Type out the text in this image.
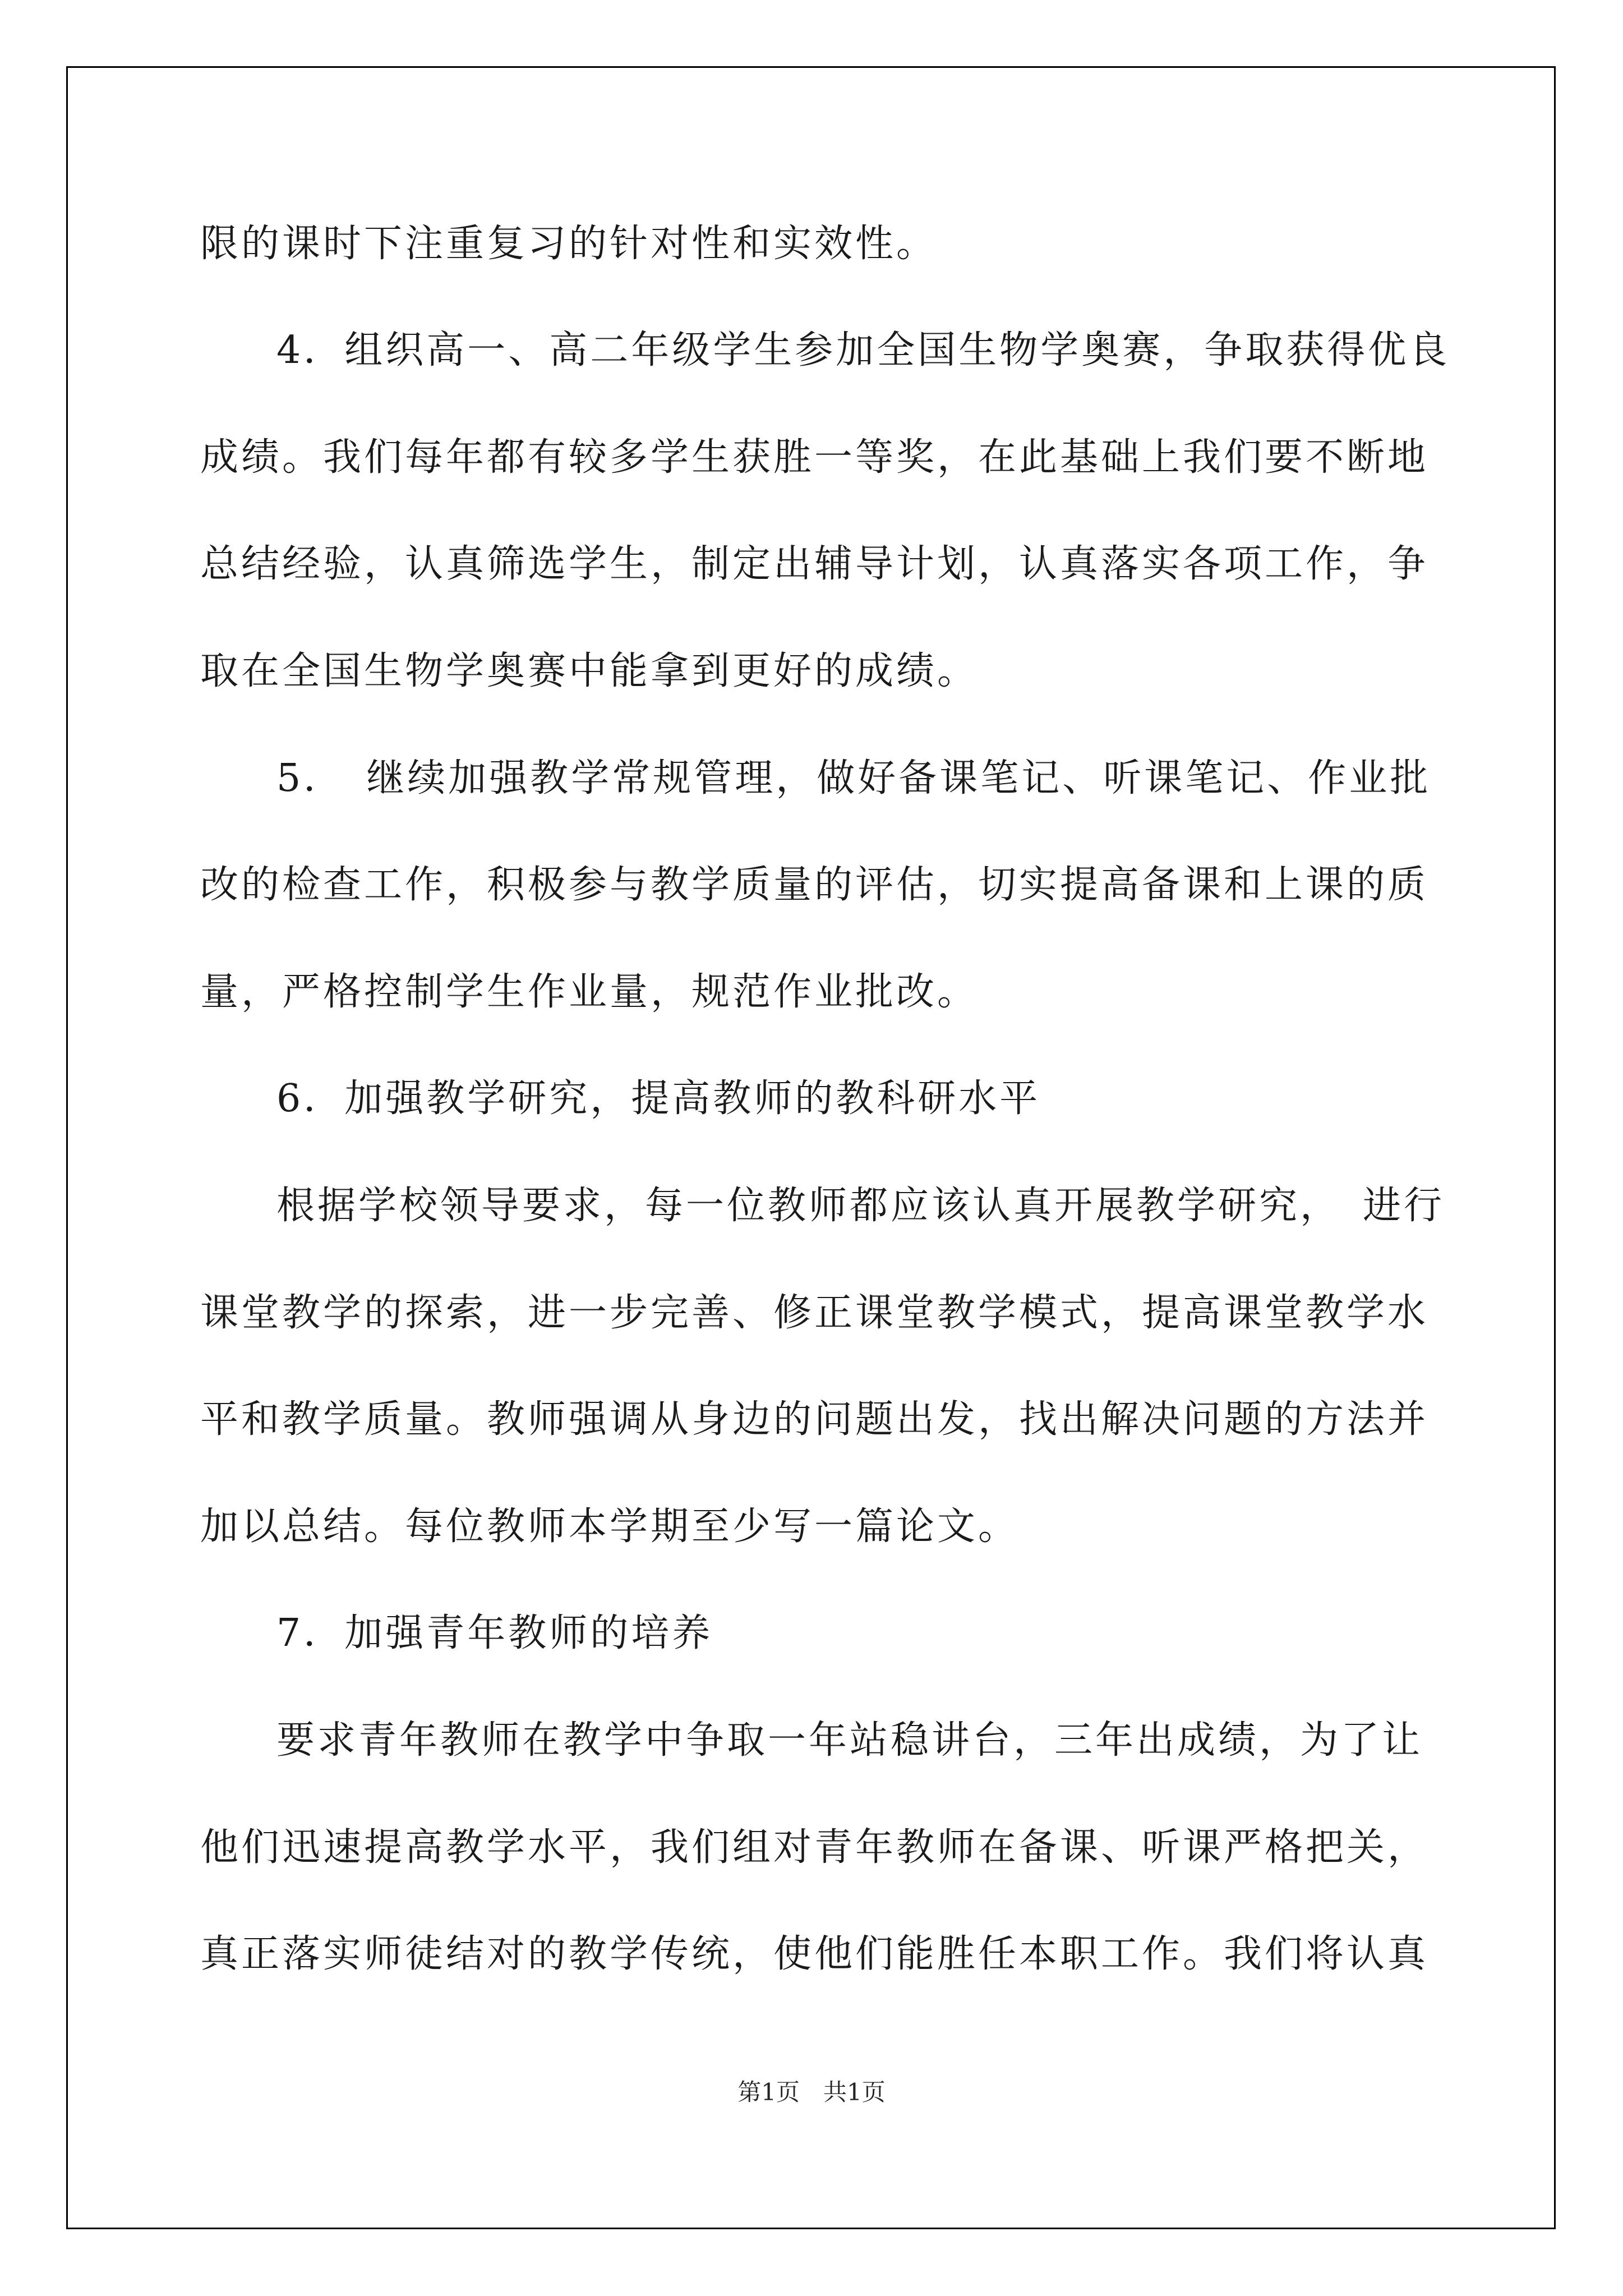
限的课时下注重复习的针对性和实效性。
4．组织高一、高二年级学生参加全国生物学奥赛，争取获得优良
成绩。我们每年都有较多学生获胜一等奖，在此基础上我们要不断地
总结经验，认真筛选学生，制定出辅导计划，认真落实各项工作，争
取在全国生物学奥赛中能拿到更好的成绩。
5．　继续加强教学常规管理，做好备课笔记、听课笔记、作业批
改的检查工作，积极参与教学质量的评估，切实提高备课和上课的质
量，严格控制学生作业量，规范作业批改。
6．加强教学研究，提高教师的教科研水平
根据学校领导要求，每一位教师都应该认真开展教学研究，　进行
课堂教学的探索，进一步完善、修正课堂教学模式，提高课堂教学水
平和教学质量。教师强调从身边的问题出发，找出解决问题的方法并
加以总结。每位教师本学期至少写一篇论文。
7．加强青年教师的培养
要求青年教师在教学中争取一年站稳讲台，三年出成绩，为了让
他们迅速提高教学水平，我们组对青年教师在备课、听课严格把关，
真正落实师徒结对的教学传统，使他们能胜任本职工作。我们将认真
第1页　共1页
